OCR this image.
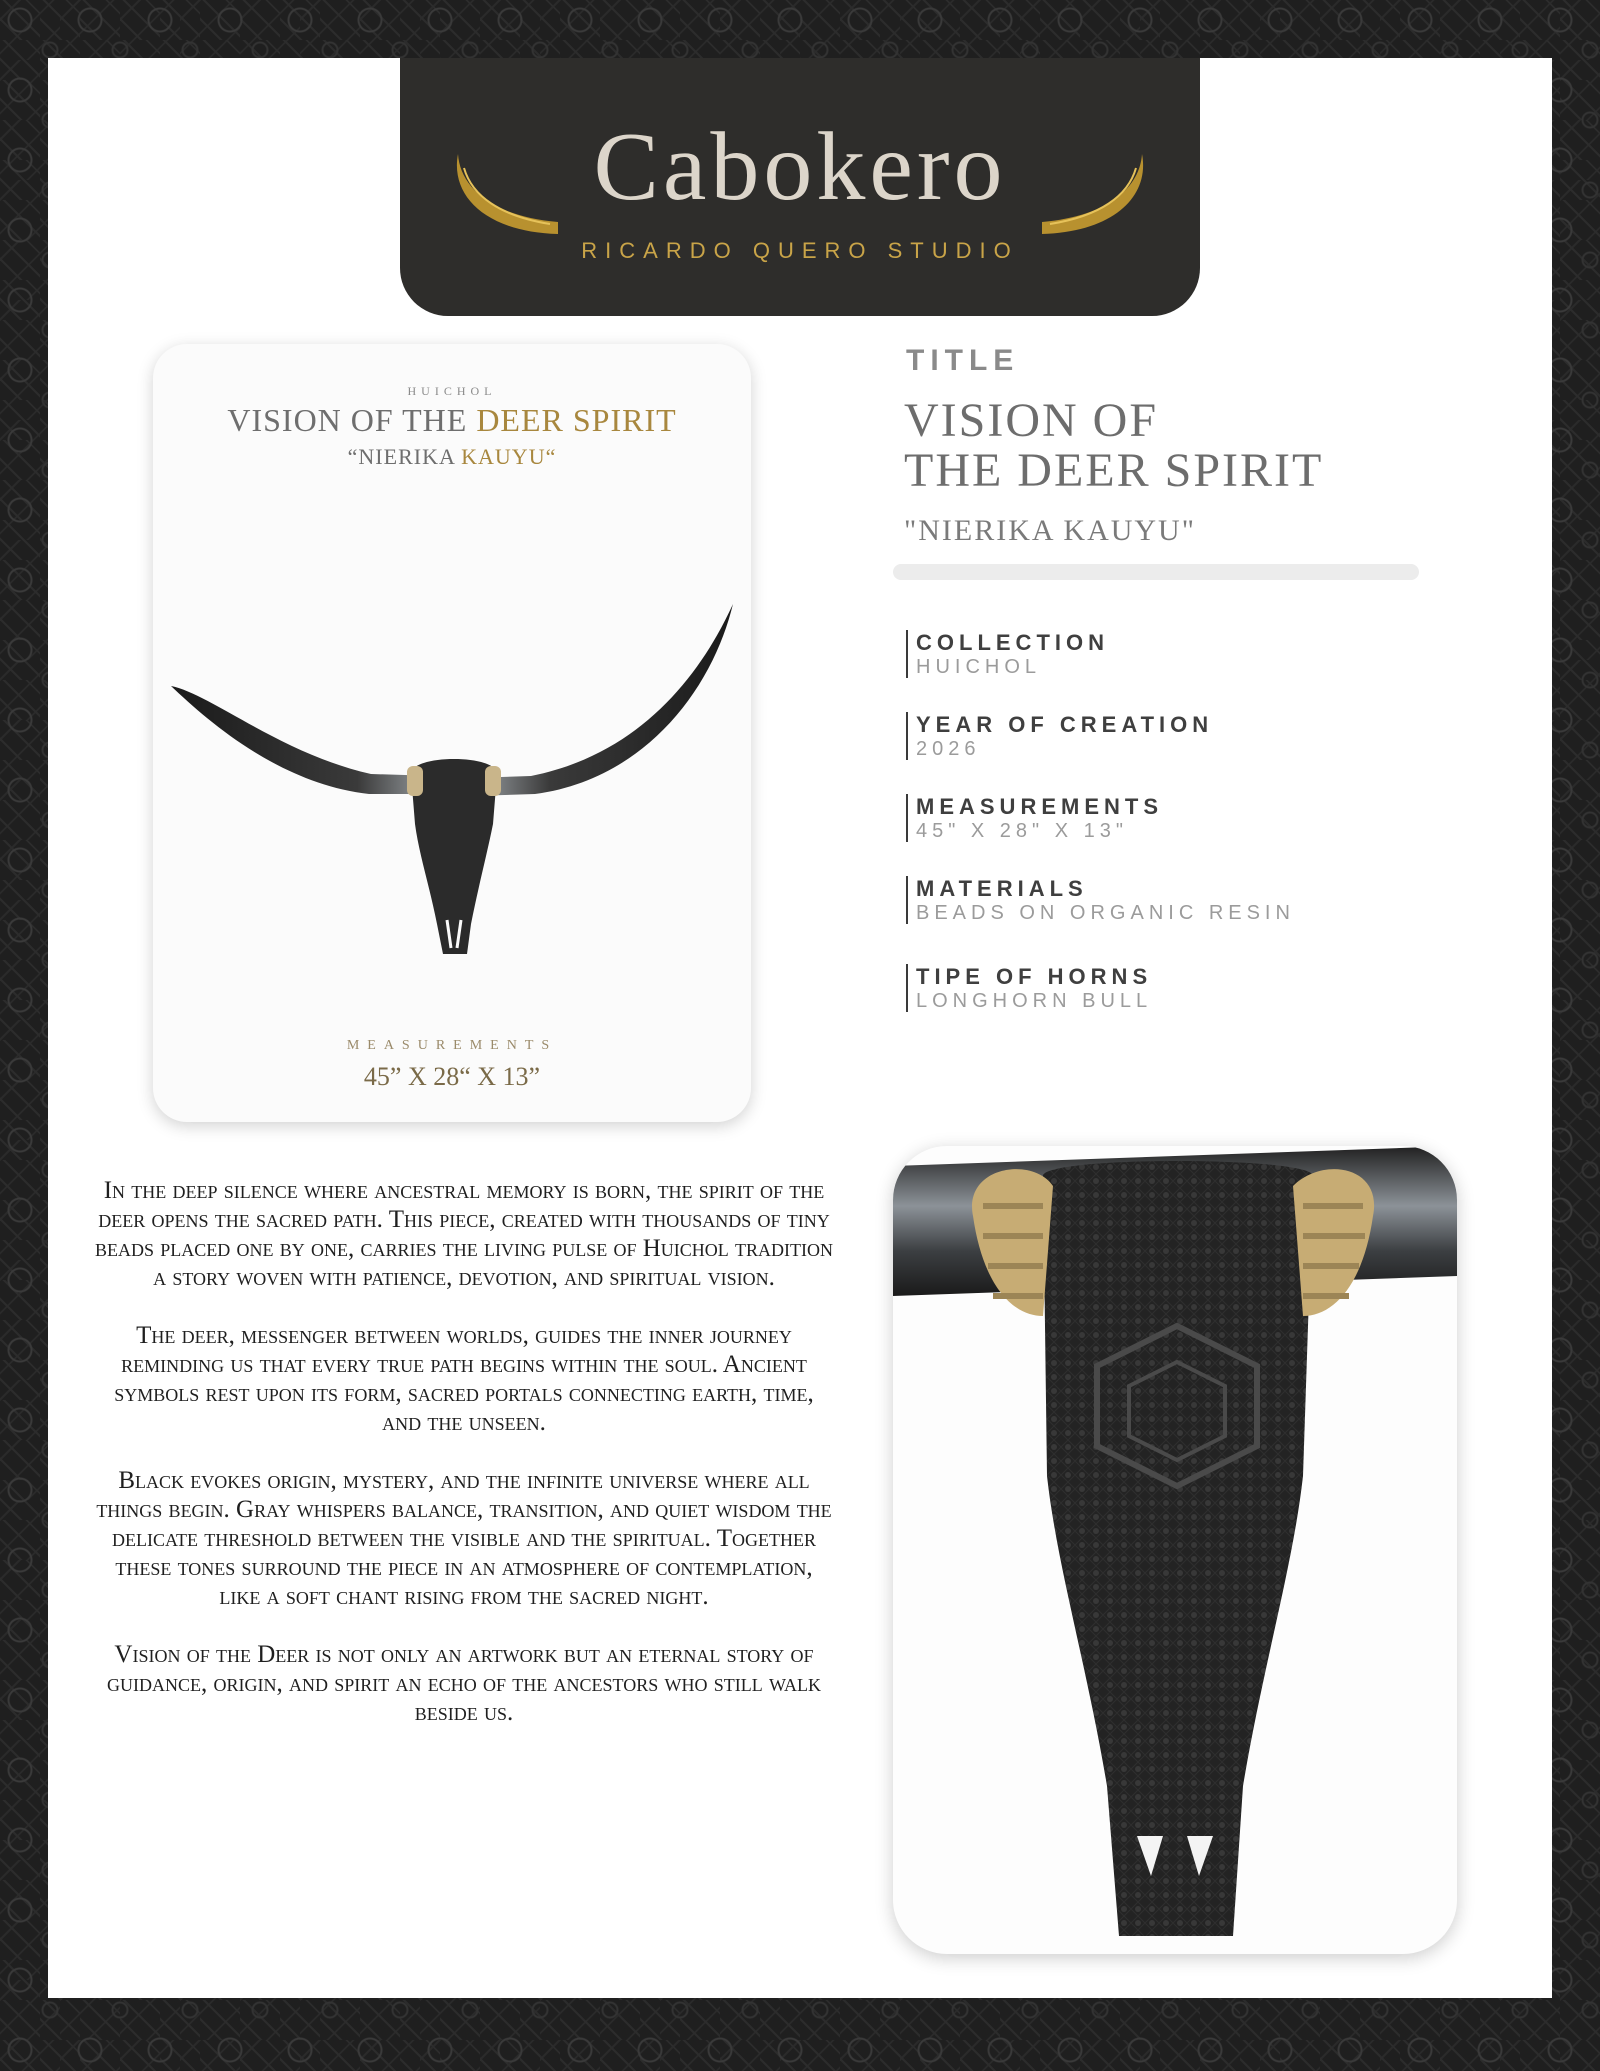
Cabokero
RICARDO QUERO STUDIO
HUICHOL
VISION OF THE DEER SPIRIT
“NIERIKA KAUYU“
MEASUREMENTS
45” X 28“ X 13”
TITLE
VISION OF
THE DEER SPIRIT
"NIERIKA KAUYU"
COLLECTION
HUICHOL
YEAR OF CREATION
2026
MEASUREMENTS
45" X 28" X 13"
MATERIALS
BEADS ON ORGANIC RESIN
TIPE OF HORNS
LONGHORN BULL

In the deep silence where ancestral memory is born, the spirit of the deer opens the sacred path. This piece, created with thousands of tiny beads placed one by one, carries the living pulse of Huichol tradition a story woven with patience, devotion, and spiritual vision.

The deer, messenger between worlds, guides the inner journey reminding us that every true path begins within the soul. Ancient symbols rest upon its form, sacred portals connecting earth, time, and the unseen.

Black evokes origin, mystery, and the infinite universe where all things begin. Gray whispers balance, transition, and quiet wisdom the delicate threshold between the visible and the spiritual. Together these tones surround the piece in an atmosphere of contemplation, like a soft chant rising from the sacred night.

Vision of the Deer is not only an artwork but an eternal story of guidance, origin, and spirit an echo of the ancestors who still walk beside us.
